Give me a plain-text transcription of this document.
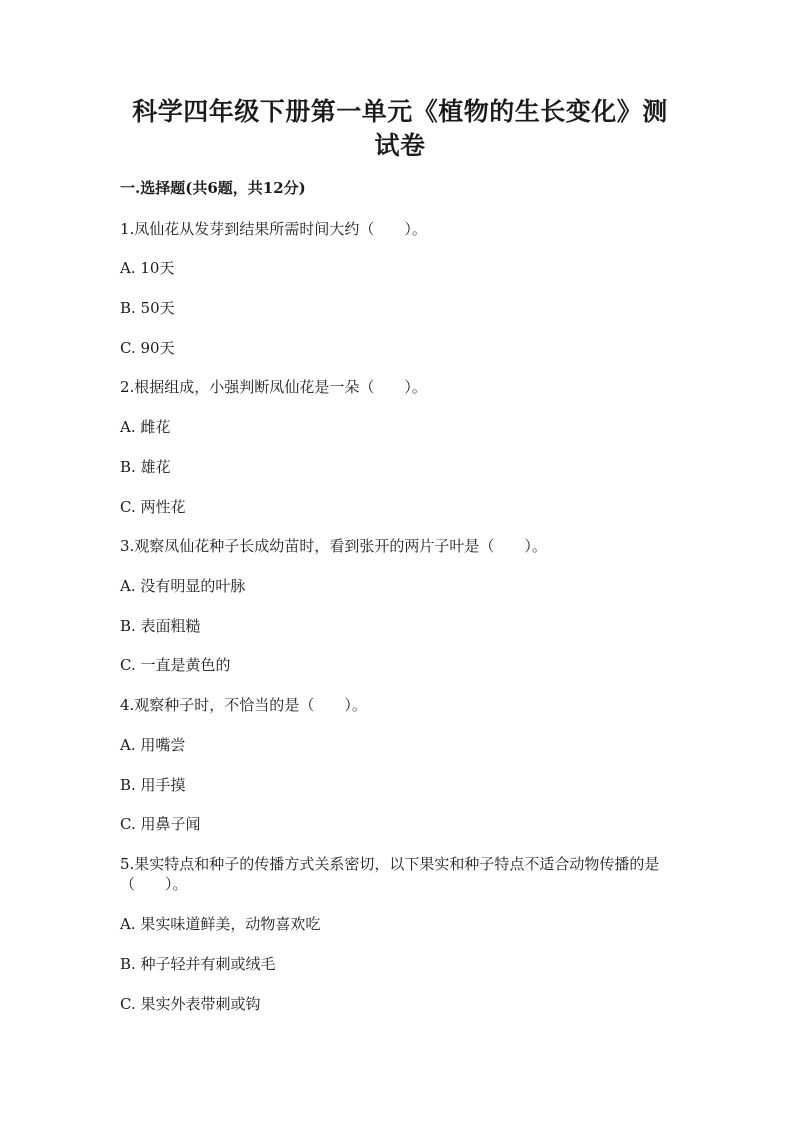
科学四年级下册第一单元《植物的生长变化》测试卷
一.选择题(共6题，共12分)
1.凤仙花从发芽到结果所需时间大约（　　）。
A. 10天
B. 50天
C. 90天
2.根据组成，小强判断凤仙花是一朵（　　）。
A. 雌花
B. 雄花
C. 两性花
3.观察凤仙花种子长成幼苗时，看到张开的两片子叶是（　　）。
A. 没有明显的叶脉
B. 表面粗糙
C. 一直是黄色的
4.观察种子时，不恰当的是（　　）。
A. 用嘴尝
B. 用手摸
C. 用鼻子闻
5.果实特点和种子的传播方式关系密切，以下果实和种子特点不适合动物传播的是（　　）。
A. 果实味道鲜美，动物喜欢吃
B. 种子轻并有刺或绒毛
C. 果实外表带刺或钩
